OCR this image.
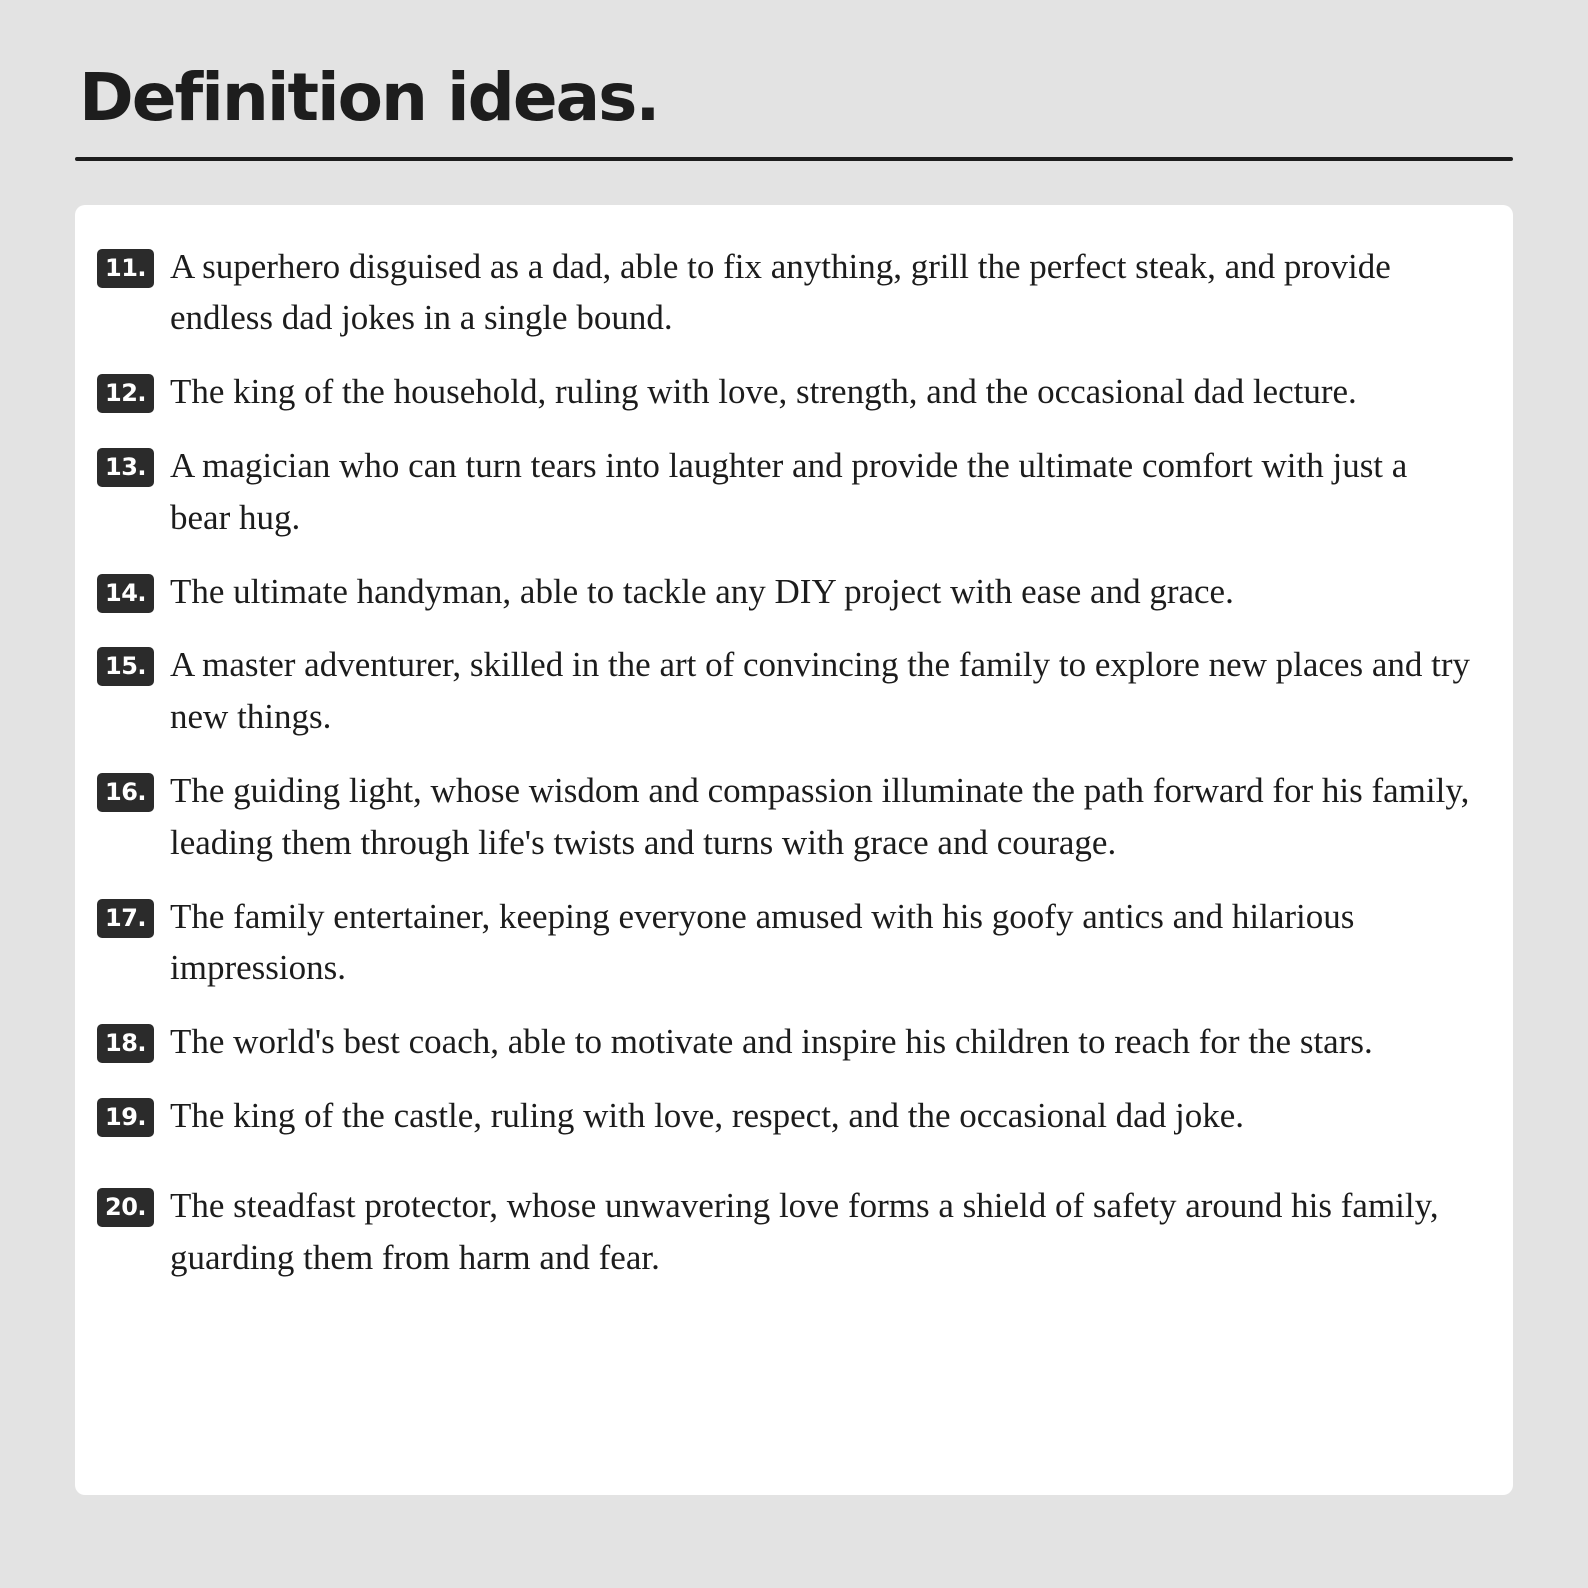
Definition ideas.
11. A superhero disguised as a dad, able to fix anything, grill the perfect steak, and provide endless dad jokes in a single bound.
12. The king of the household, ruling with love, strength, and the occasional dad lecture.
13. A magician who can turn tears into laughter and provide the ultimate comfort with just a bear hug.
14. The ultimate handyman, able to tackle any DIY project with ease and grace.
15. A master adventurer, skilled in the art of convincing the family to explore new places and try new things.
16. The guiding light, whose wisdom and compassion illuminate the path forward for his family, leading them through life's twists and turns with grace and courage.
17. The family entertainer, keeping everyone amused with his goofy antics and hilarious impressions.
18. The world's best coach, able to motivate and inspire his children to reach for the stars.
19. The king of the castle, ruling with love, respect, and the occasional dad joke.
20. The steadfast protector, whose unwavering love forms a shield of safety around his family, guarding them from harm and fear.
